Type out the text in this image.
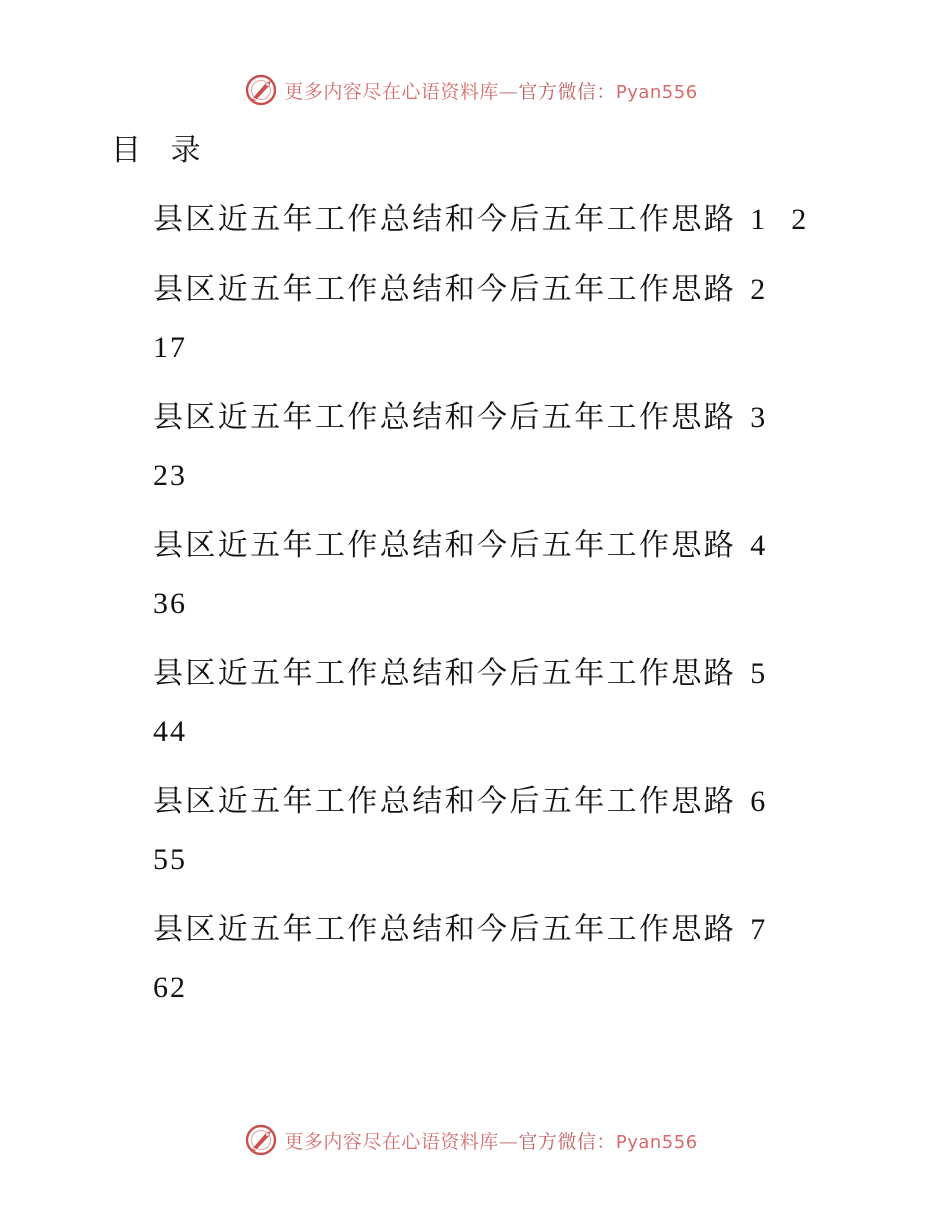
更多内容尽在心语资料库—官方微信：Pyan556
目 录
县区近五年工作总结和今后五年工作思路 1 2
县区近五年工作总结和今后五年工作思路 2
17
县区近五年工作总结和今后五年工作思路 3
23
县区近五年工作总结和今后五年工作思路 4
36
县区近五年工作总结和今后五年工作思路 5
44
县区近五年工作总结和今后五年工作思路 6
55
县区近五年工作总结和今后五年工作思路 7
62
更多内容尽在心语资料库—官方微信：Pyan556
